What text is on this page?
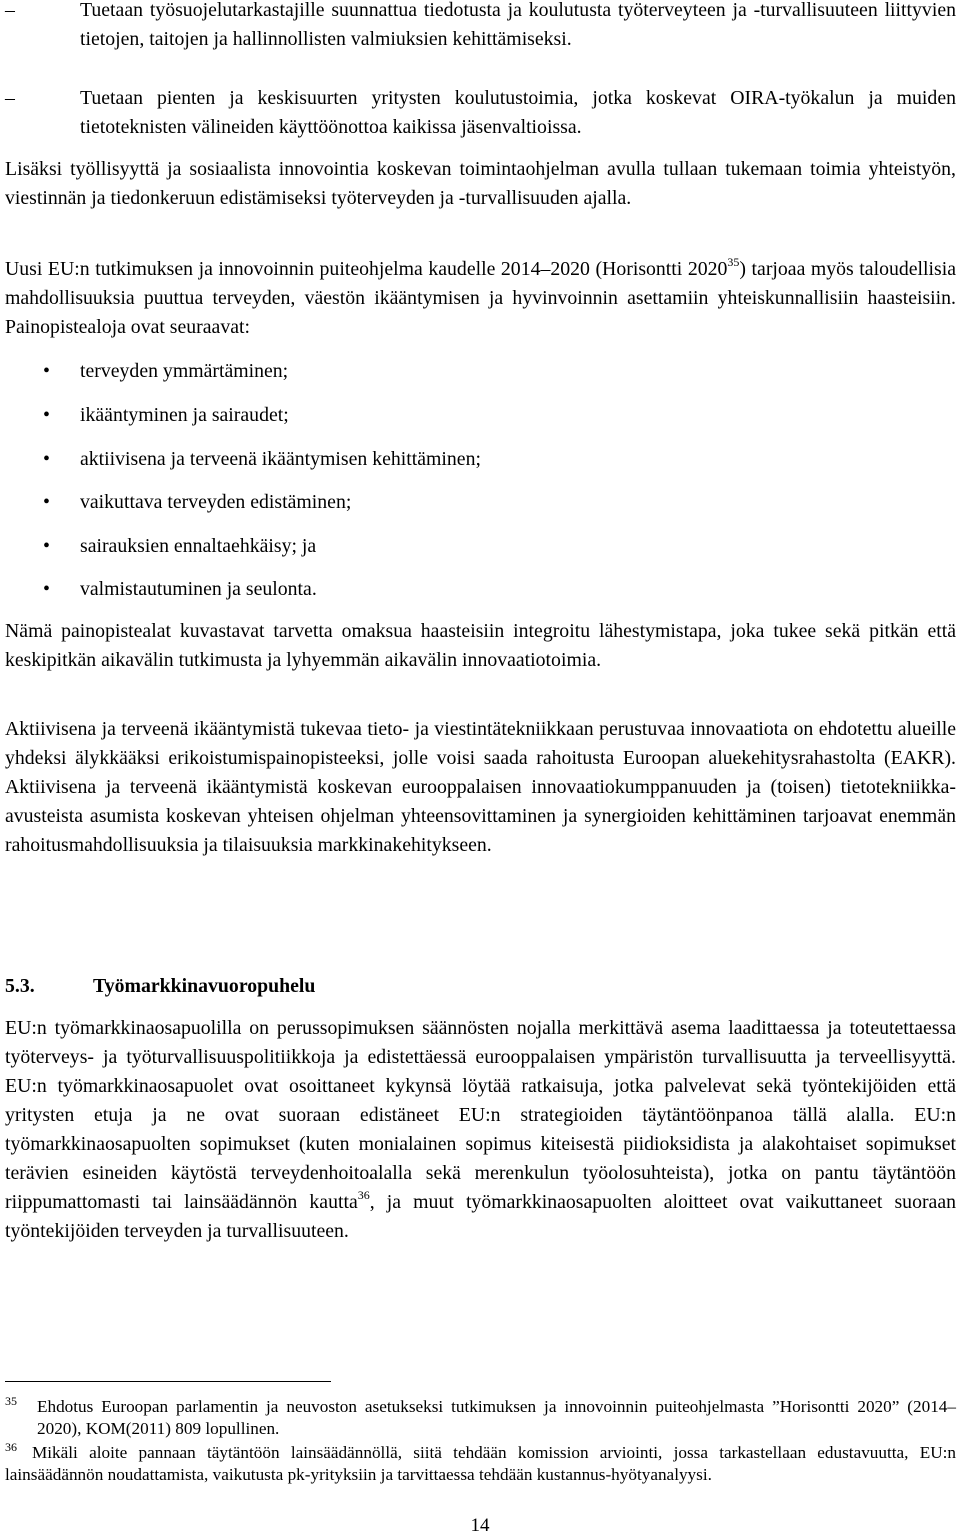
–	Tuetaan työsuojelutarkastajille suunnattua tiedotusta ja koulutusta työterveyteen ja -turvallisuuteen liittyvien tietojen, taitojen ja hallinnollisten valmiuksien kehittämiseksi.
–	Tuetaan pienten ja keskisuurten yritysten koulutustoimia, jotka koskevat OIRA-työkalun ja muiden tietoteknisten välineiden käyttöönottoa kaikissa jäsenvaltioissa.

Lisäksi työllisyyttä ja sosiaalista innovointia koskevan toimintaohjelman avulla tullaan tukemaan toimia yhteistyön, viestinnän ja tiedonkeruun edistämiseksi työterveyden ja -turvallisuuden ajalla.

Uusi EU:n tutkimuksen ja innovoinnin puiteohjelma kaudelle 2014–2020 (Horisontti 2020$^{35}$) tarjoaa myös taloudellisia mahdollisuuksia puuttua terveyden, väestön ikääntymisen ja hyvinvoinnin asettamiin yhteiskunnallisiin haasteisiin. Painopistealoja ovat seuraavat:

• terveyden ymmärtäminen;
• ikääntyminen ja sairaudet;
• aktiivisena ja terveenä ikääntymisen kehittäminen;
• vaikuttava terveyden edistäminen;
• sairauksien ennaltaehkäisy; ja
• valmistautuminen ja seulonta.

Nämä painopistealat kuvastavat tarvetta omaksua haasteisiin integroitu lähestymistapa, joka tukee sekä pitkän että keskipitkän aikavälin tutkimusta ja lyhyemmän aikavälin innovaatiotoimia.

Aktiivisena ja terveenä ikääntymistä tukevaa tieto- ja viestintätekniikkaan perustuvaa innovaatiota on ehdotettu alueille yhdeksi älykkääksi erikoistumispainopisteeksi, jolle voisi saada rahoitusta Euroopan aluekehitysrahastolta (EAKR). Aktiivisena ja terveenä ikääntymistä koskevan eurooppalaisen innovaatiokumppanuuden ja (toisen) tietotekniikka-avusteista asumista koskevan yhteisen ohjelman yhteensovittaminen ja synergioiden kehittäminen tarjoavat enemmän rahoitusmahdollisuuksia ja tilaisuuksia markkinakehitykseen.

5.3.	Työmarkkinavuoropuhelu

EU:n työmarkkinaosapuolilla on perussopimuksen säännösten nojalla merkittävä asema laadittaessa ja toteutettaessa työterveys- ja työturvallisuuspolitiikkoja ja edistettäessä eurooppalaisen ympäristön turvallisuutta ja terveellisyyttä. EU:n työmarkkinaosapuolet ovat osoittaneet kykynsä löytää ratkaisuja, jotka palvelevat sekä työntekijöiden että yritysten etuja ja ne ovat suoraan edistäneet EU:n strategioiden täytäntöönpanoa tällä alalla. EU:n työmarkkinaosapuolten sopimukset (kuten monialainen sopimus kiteisestä piidioksidista ja alakohtaiset sopimukset terävien esineiden käytöstä terveydenhoitoalalla sekä merenkulun työolosuhteista), jotka on pantu täytäntöön riippumattomasti tai lainsäädännön kautta$^{36}$, ja muut työmarkkinaosapuolten aloitteet ovat vaikuttaneet suoraan työntekijöiden terveyden ja turvallisuuteen.

35	Ehdotus Euroopan parlamentin ja neuvoston asetukseksi tutkimuksen ja innovoinnin puiteohjelmasta ”Horisontti 2020” (2014–2020), KOM(2011) 809 lopullinen.
36 Mikäli aloite pannaan täytäntöön lainsäädännöllä, siitä tehdään komission arviointi, jossa tarkastellaan edustavuutta, EU:n lainsäädännön noudattamista, vaikutusta pk-yrityksiin ja tarvittaessa tehdään kustannus-hyötyanalyysi.
14
